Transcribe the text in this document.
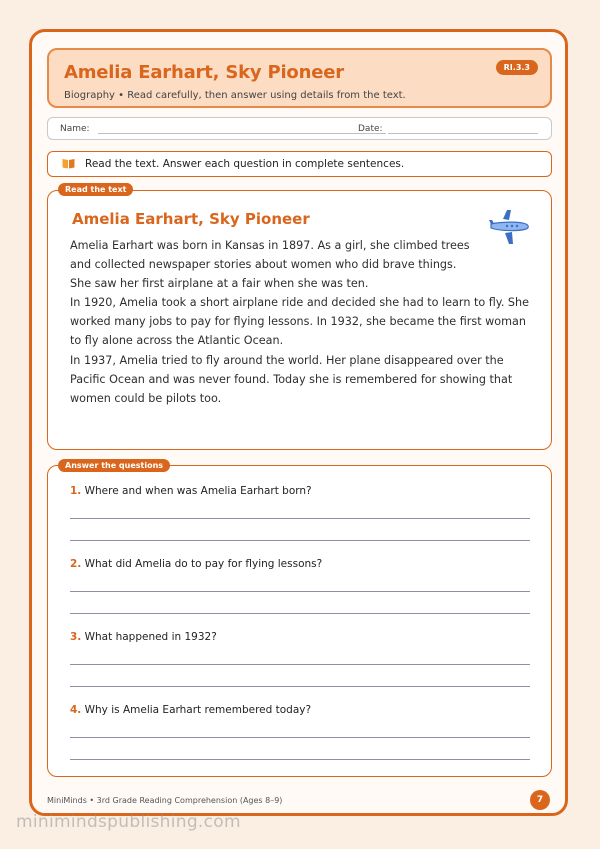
Amelia Earhart, Sky Pioneer
Biography • Read carefully, then answer using details from the text.
RI.3.3
Name:	Date:
Read the text. Answer each question in complete sentences.
Read the text
Amelia Earhart, Sky Pioneer

Amelia Earhart was born in Kansas in 1897. As a girl, she climbed trees and collected newspaper stories about women who did brave things. She saw her first airplane at a fair when she was ten.

In 1920, Amelia took a short airplane ride and decided she had to learn to fly. She worked many jobs to pay for flying lessons. In 1932, she became the first woman to fly alone across the Atlantic Ocean.

In 1937, Amelia tried to fly around the world. Her plane disappeared over the Pacific Ocean and was never found. Today she is remembered for showing that women could be pilots too.

Answer the questions
1. Where and when was Amelia Earhart born?
2. What did Amelia do to pay for flying lessons?
3. What happened in 1932?
4. Why is Amelia Earhart remembered today?
MiniMinds • 3rd Grade Reading Comprehension (Ages 8–9)	7
minimindspublishing.com
